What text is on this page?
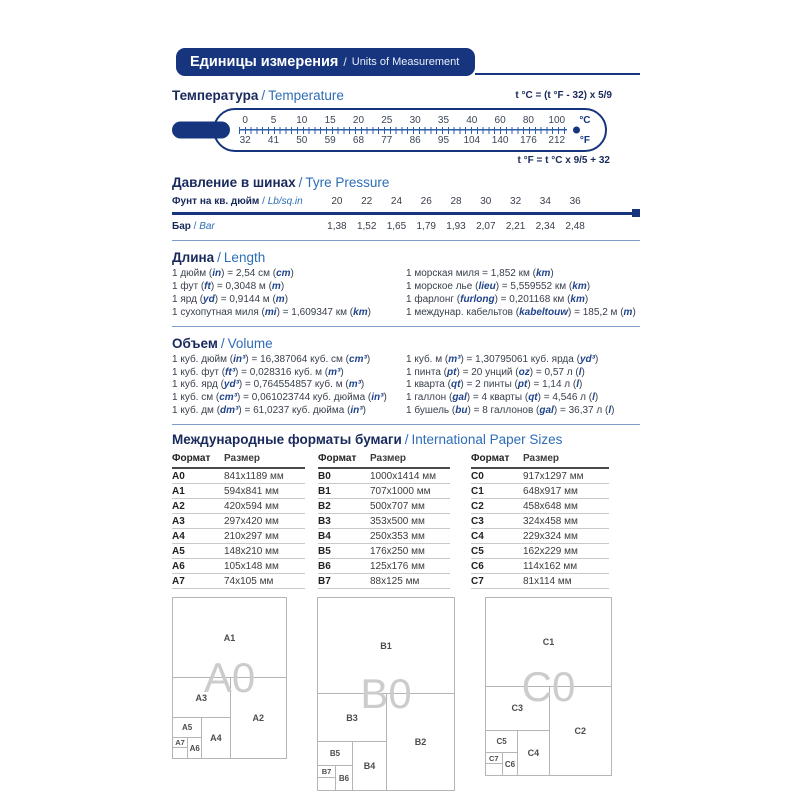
Единицы измерения / Units of Measurement
Температура / Temperature	t °C = (t °F - 32) x 5/9
0	5	10	15	20	25	30	35	40	60	80	100	°C
32	41	50	59	68	77	86	95	104	140	176	212	°F
t °F = t °C x 9/5 + 32
Давление в шинах / Tyre Pressure
Фунт на кв. дюйм / Lb/sq.in	20	22	24	26	28	30	32	34	36
Бар / Bar	1,38	1,52	1,65	1,79	1,93	2,07	2,21	2,34	2,48
Длина / Length
1 дюйм (in) = 2,54 см (cm)
1 фут (ft) = 0,3048 м (m)
1 ярд (yd) = 0,9144 м (m)
1 сухопутная миля (mi) = 1,609347 км (km)
1 морская миля = 1,852 км (km)
1 морское лье (lieu) = 5,559552 км (km)
1 фарлонг (furlong) = 0,201168 км (km)
1 междунар. кабельтов (kabeltouw) = 185,2 м (m)
Объем / Volume
1 куб. дюйм (in³) = 16,387064 куб. см (cm³)
1 куб. фут (ft³) = 0,028316 куб. м (m³)
1 куб. ярд (yd³) = 0,764554857 куб. м (m³)
1 куб. см (cm³) = 0,061023744 куб. дюйма (in³)
1 куб. дм (dm³) = 61,0237 куб. дюйма (in³)
1 куб. м (m³) = 1,30795061 куб. ярда (yd³)
1 пинта (pt) = 20 унций (oz) = 0,57 л (l)
1 кварта (qt) = 2 пинты (pt) = 1,14 л (l)
1 галлон (gal) = 4 кварты (qt) = 4,546 л (l)
1 бушель (bu) = 8 галлонов (gal) = 36,37 л (l)
Международные форматы бумаги / International Paper Sizes
Формат	Размер
A0	841x1189 мм
A1	594x841 мм
A2	420x594 мм
A3	297x420 мм
A4	210x297 мм
A5	148x210 мм
A6	105x148 мм
A7	74x105 мм
Формат	Размер
B0	1000x1414 мм
B1	707x1000 мм
B2	500x707 мм
B3	353x500 мм
B4	250x353 мм
B5	176x250 мм
B6	125x176 мм
B7	88x125 мм
Формат	Размер
C0	917x1297 мм
C1	648x917 мм
C2	458x648 мм
C3	324x458 мм
C4	229x324 мм
C5	162x229 мм
C6	114x162 мм
C7	81x114 мм
A1
A2
A3
A4
A5
A6
A7
A0
B1
B2
B3
B4
B5
B6
B7
B0
C1
C2
C3
C4
C5
C6
C7
C0
